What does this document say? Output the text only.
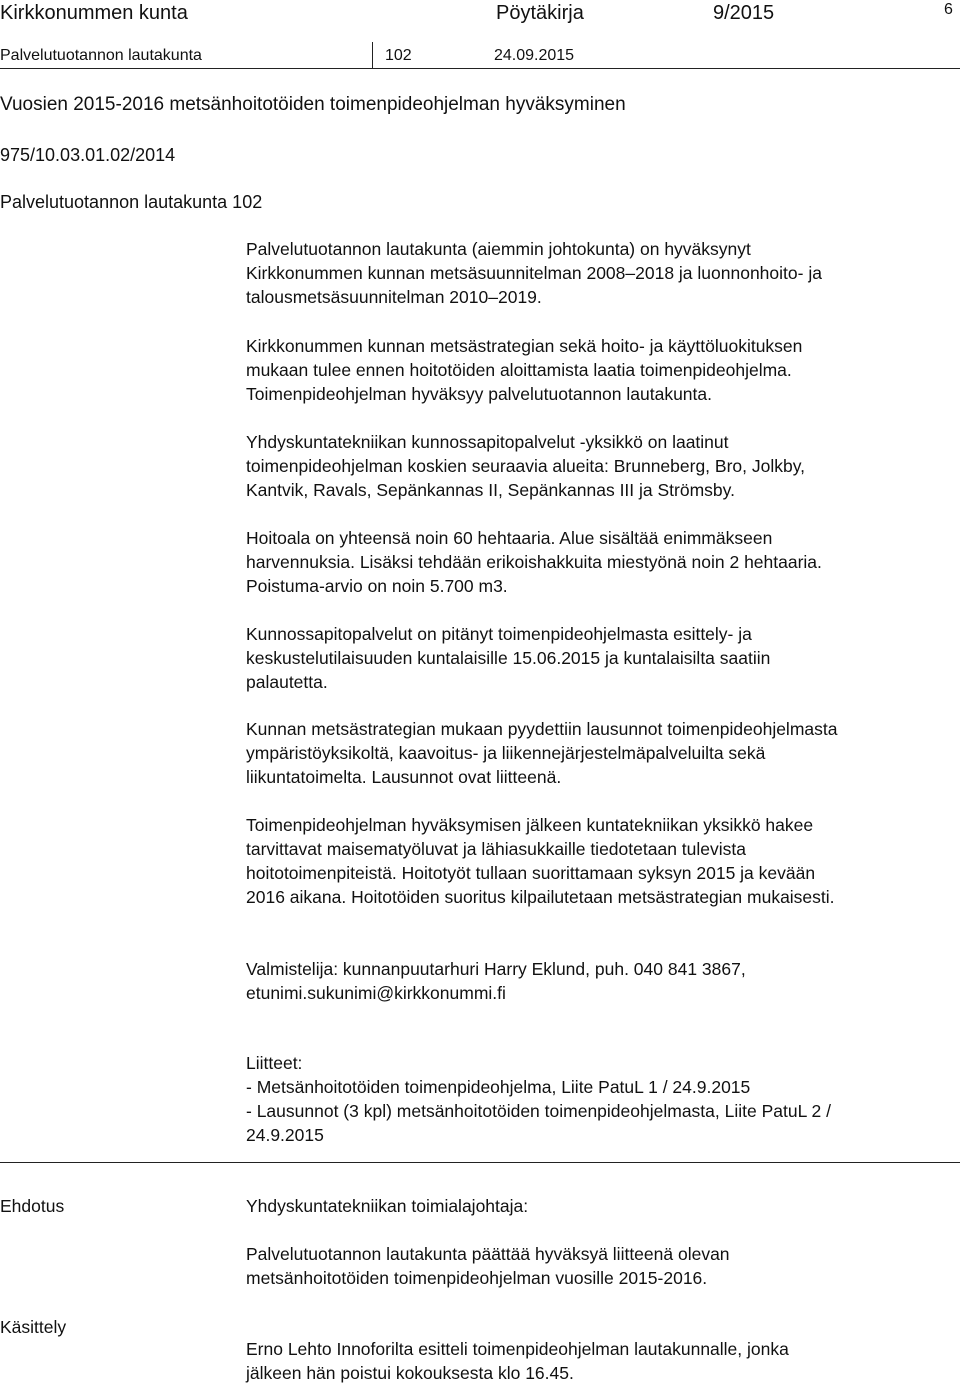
Kirkkonummen kunta	Pöytäkirja	9/2015	6
Palvelutuotannon lautakunta	102	24.09.2015
Vuosien 2015-2016 metsänhoitotöiden toimenpideohjelman hyväksyminen
975/10.03.01.02/2014
Palvelutuotannon lautakunta 102
Palvelutuotannon lautakunta (aiemmin johtokunta) on hyväksynyt
Kirkkonummen kunnan metsäsuunnitelman 2008–2018 ja luonnonhoito- ja
talousmetsäsuunnitelman 2010–2019.
Kirkkonummen kunnan metsästrategian sekä hoito- ja käyttöluokituksen
mukaan tulee ennen hoitotöiden aloittamista laatia toimenpideohjelma.
Toimenpideohjelman hyväksyy palvelutuotannon lautakunta.
Yhdyskuntatekniikan kunnossapitopalvelut -yksikkö on laatinut
toimenpideohjelman koskien seuraavia alueita: Brunneberg, Bro, Jolkby,
Kantvik, Ravals, Sepänkannas II, Sepänkannas III ja Strömsby.
Hoitoala on yhteensä noin 60 hehtaaria. Alue sisältää enimmäkseen
harvennuksia. Lisäksi tehdään erikoishakkuita miestyönä noin 2 hehtaaria.
Poistuma-arvio on noin 5.700 m3.
Kunnossapitopalvelut on pitänyt toimenpideohjelmasta esittely- ja
keskustelutilaisuuden kuntalaisille 15.06.2015 ja kuntalaisilta saatiin
palautetta.
Kunnan metsästrategian mukaan pyydettiin lausunnot toimenpideohjelmasta
ympäristöyksikoltä, kaavoitus- ja liikennejärjestelmäpalveluilta sekä
liikuntatoimelta. Lausunnot ovat liitteenä.
Toimenpideohjelman hyväksymisen jälkeen kuntatekniikan yksikkö hakee
tarvittavat maisematyöluvat ja lähiasukkaille tiedotetaan tulevista
hoitotoimenpiteistä. Hoitotyöt tullaan suorittamaan syksyn 2015 ja kevään
2016 aikana. Hoitotöiden suoritus kilpailutetaan metsästrategian mukaisesti.
Valmistelija: kunnanpuutarhuri Harry Eklund, puh. 040 841 3867,
etunimi.sukunimi@kirkkonummi.fi
Liitteet:
- Metsänhoitotöiden toimenpideohjelma, Liite PatuL 1 / 24.9.2015
- Lausunnot (3 kpl) metsänhoitotöiden toimenpideohjelmasta, Liite PatuL 2 /
24.9.2015
Ehdotus	Yhdyskuntatekniikan toimialajohtaja:
Palvelutuotannon lautakunta päättää hyväksyä liitteenä olevan
metsänhoitotöiden toimenpideohjelman vuosille 2015-2016.
Käsittely
Erno Lehto Innoforilta esitteli toimenpideohjelman lautakunnalle, jonka
jälkeen hän poistui kokouksesta klo 16.45.
